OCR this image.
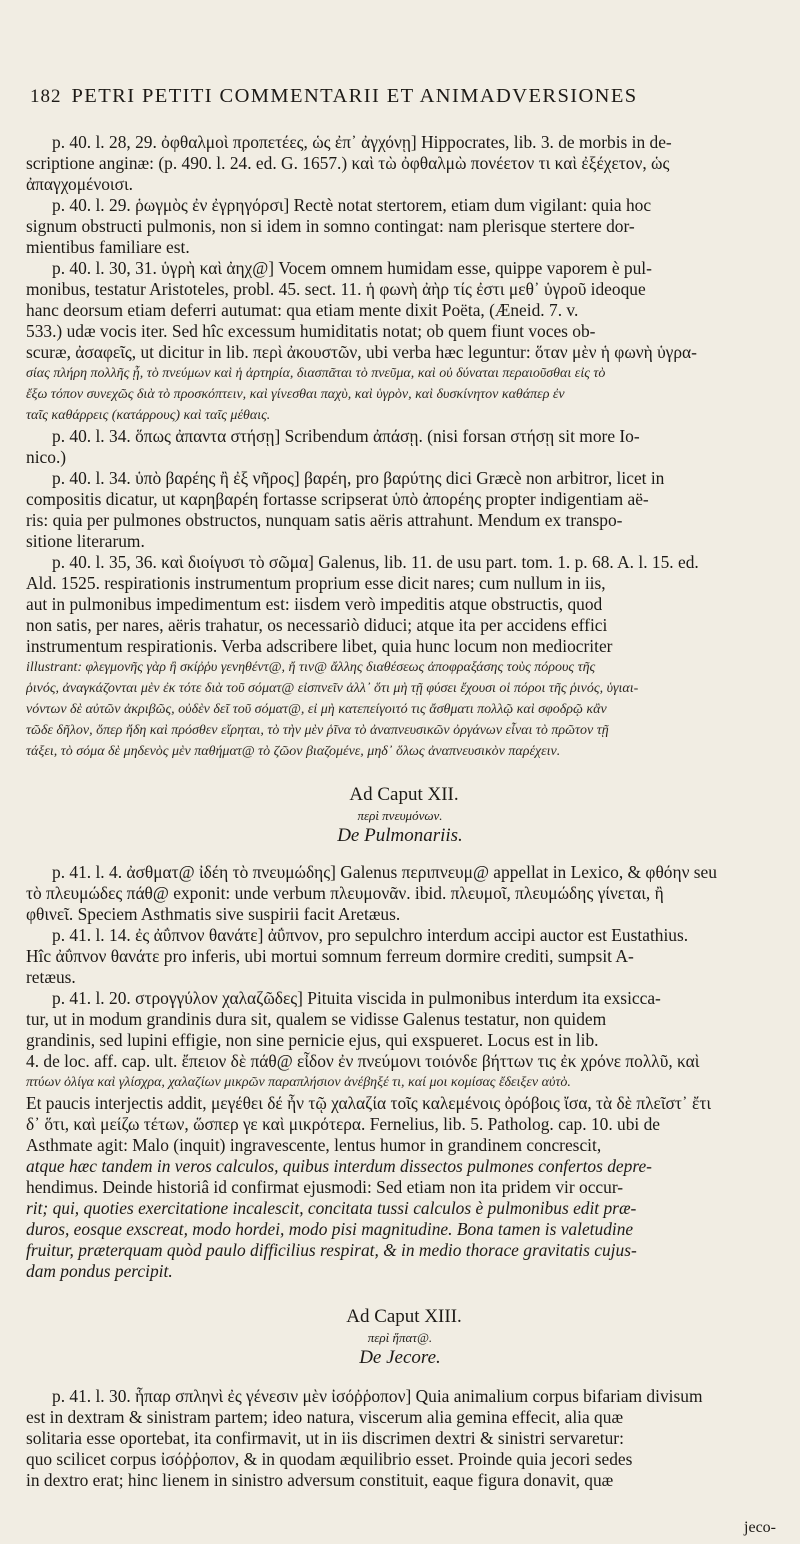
182 PETRI PETITI COMMENTARII ET ANIMADVERSIONES
p. 40. l. 28, 29. ὀφθαλμοὶ προπετέες, ὡς ἐπ᾽ ἀγχόνῃ] Hippocrates, lib. 3. de morbis in de-
scriptione anginæ: (p. 490. l. 24. ed. G. 1657.) καὶ τὼ ὀφθαλμὼ πονέετον τι καὶ ἐξέχετον, ὡς
ἀπαγχομένοισι.
p. 40. l. 29. ῥωγμὸς ἐν ἐγρηγόρσι] Rectè notat stertorem, etiam dum vigilant: quia hoc
signum obstructi pulmonis, non si idem in somno contingat: nam plerisque stertere dor-
mientibus familiare est.
p. 40. l. 30, 31. ὑγρὴ καὶ ἀηχ@] Vocem omnem humidam esse, quippe vaporem è pul-
monibus, testatur Aristoteles, probl. 45. sect. 11. ἡ φωνὴ ἀὴρ τίς ἐστι μεθ᾽ ὑγροῦ ideoque
hanc deorsum etiam deferri autumat: qua etiam mente dixit Poëta, (Æneid. 7. v.
533.) udæ vocis iter. Sed hîc excessum humiditatis notat; ob quem fiunt voces ob-
scuræ, ἀσαφεῖς, ut dicitur in lib. περὶ ἀκουστῶν, ubi verba hæc leguntur: ὅταν μὲν ἡ φωνὴ ὑγρα-
σίας πλήρη πολλῆς ᾖ, τὸ πνεύμων καὶ ἡ ἀρτηρία, διασπᾶται τὸ πνεῦμα, καὶ οὐ δύναται περαιοῦσθαι εἰς τὸ
ἔξω τόπον συνεχῶς διὰ τὸ προσκόπτειν, καὶ γίνεσθαι παχὺ, καὶ ὑγρὸν, καὶ δυσκίνητον καθάπερ ἐν
ταῖς καθάρρεις (κατάρρους) καὶ ταῖς μέθαις.
p. 40. l. 34. ὅπως ἀπαντα στήσῃ] Scribendum ἀπάσῃ. (nisi forsan στήσῃ sit more Io-
nico.)
p. 40. l. 34. ὑπὸ βαρέης ἢ ἐξ νῆρος] βαρέη, pro βαρύτης dici Græcè non arbitror, licet in
compositis dicatur, ut καρηβαρέη fortasse scripserat ὑπὸ ἀπορέης propter indigentiam aë-
ris: quia per pulmones obstructos, nunquam satis aëris attrahunt. Mendum ex transpo-
sitione literarum.
p. 40. l. 35, 36. καὶ διοίγυσι τὸ σῶμα] Galenus, lib. 11. de usu part. tom. 1. p. 68. A. l. 15. ed.
Ald. 1525. respirationis instrumentum proprium esse dicit nares; cum nullum in iis,
aut in pulmonibus impedimentum est: iisdem verò impeditis atque obstructis, quod
non satis, per nares, aëris trahatur, os necessariò diduci; atque ita per accidens effici
instrumentum respirationis. Verba adscribere libet, quia hunc locum non mediocriter
illustrant: φλεγμονῆς γὰρ ἢ σκίῤῥυ γενηθέντ@, ἤ τιν@ ἄλλης διαθέσεως ἀποφραξάσης τοὺς πόρους τῆς
ῥινός, ἀναγκάζονται μὲν ἐκ τότε διὰ τοῦ σόματ@ εἰσπνεῖν ἀλλ᾽ ὅτι μὴ τῇ φύσει ἔχουσι οἱ πόροι τῆς ῥινός, ὑγιαι-
νόντων δὲ αὐτῶν ἀκριβῶς, οὐδὲν δεῖ τοῦ σόματ@, εἰ μὴ κατεπείγοιτό τις ἄσθματι πολλῷ καὶ σφοδρῷ κἂν
τῶδε δῆλον, ὅπερ ἤδη καὶ πρόσθεν εἴρηται, τὸ τὴν μὲν ῥῖνα τὸ ἀναπνευσικῶν ὀργάνων εἶναι τὸ πρῶτον τῇ
τάξει, τὸ σόμα δὲ μηδενὸς μὲν παθήματ@ τὸ ζῶον βιαζομένε, μηδ᾽ ὅλως ἀναπνευσικὸν παρέχειν.
Ad Caput XII.
περὶ πνευμόνων.
De Pulmonariis.
p. 41. l. 4. ἀσθματ@ ἰδέη τὸ πνευμώδης] Galenus περιπνευμ@ appellat in Lexico, & φθόην seu
τὸ πλευμώδες πάθ@ exponit: unde verbum πλευμονᾶν. ibid. πλευμοῖ, πλευμώδης γίνεται, ἢ
φθινεῖ. Speciem Asthmatis sive suspirii facit Aretæus.
p. 41. l. 14. ἐς ἀΰπνον θανάτε] ἀΰπνον, pro sepulchro interdum accipi auctor est Eustathius.
Hîc ἀΰπνον θανάτε pro inferis, ubi mortui somnum ferreum dormire crediti, sumpsit A-
retæus.
p. 41. l. 20. στρογγύλον χαλαζῶδες] Pituita viscida in pulmonibus interdum ita exsicca-
tur, ut in modum grandinis dura sit, qualem se vidisse Galenus testatur, non quidem
grandinis, sed lupini effigie, non sine pernicie ejus, qui exspueret. Locus est in lib.
4. de loc. aff. cap. ult. ἔπειον δὲ πάθ@ εἶδον ἐν πνεύμονι τοιόνδε βήττων τις ἐκ χρόνε πολλῦ, καὶ
πτύων ὀλίγα καὶ γλίσχρα, χαλαζίων μικρῶν παραπλήσιον ἀνέβηξέ τι, καί μοι κομίσας ἔδειξεν αὐτὸ.
Et paucis interjectis addit, μεγέθει δέ ἦν τῷ χαλαζία τοῖς καλεμένοις ὀρόβοις ἴσα, τὰ δὲ πλεῖστ᾽ ἔτι
δ᾽ ὅτι, καὶ μείζω τέτων, ὥσπερ γε καὶ μικρότερα. Fernelius, lib. 5. Patholog. cap. 10. ubi de
Asthmate agit: Malo (inquit) ingravescente, lentus humor in grandinem concrescit,
atque hæc tandem in veros calculos, quibus interdum dissectos pulmones confertos depre-
hendimus. Deinde historiâ id confirmat ejusmodi: Sed etiam non ita pridem vir occur-
rit; qui, quoties exercitatione incalescit, concitata tussi calculos è pulmonibus edit præ-
duros, eosque exscreat, modo hordei, modo pisi magnitudine. Bona tamen is valetudine
fruitur, præterquam quòd paulo difficilius respirat, & in medio thorace gravitatis cujus-
dam pondus percipit.
Ad Caput XIII.
περὶ ἥπατ@.
De Jecore.
p. 41. l. 30. ἧπαρ σπληνὶ ἐς γένεσιν μὲν ἰσόῤῥοπον] Quia animalium corpus bifariam divisum
est in dextram & sinistram partem; ideo natura, viscerum alia gemina effecit, alia quæ
solitaria esse oportebat, ita confirmavit, ut in iis discrimen dextri & sinistri servaretur:
quo scilicet corpus ἰσόῤῥοπον, & in quodam æquilibrio esset. Proinde quia jecori sedes
in dextro erat; hinc lienem in sinistro adversum constituit, eaque figura donavit, quæ
jeco-
